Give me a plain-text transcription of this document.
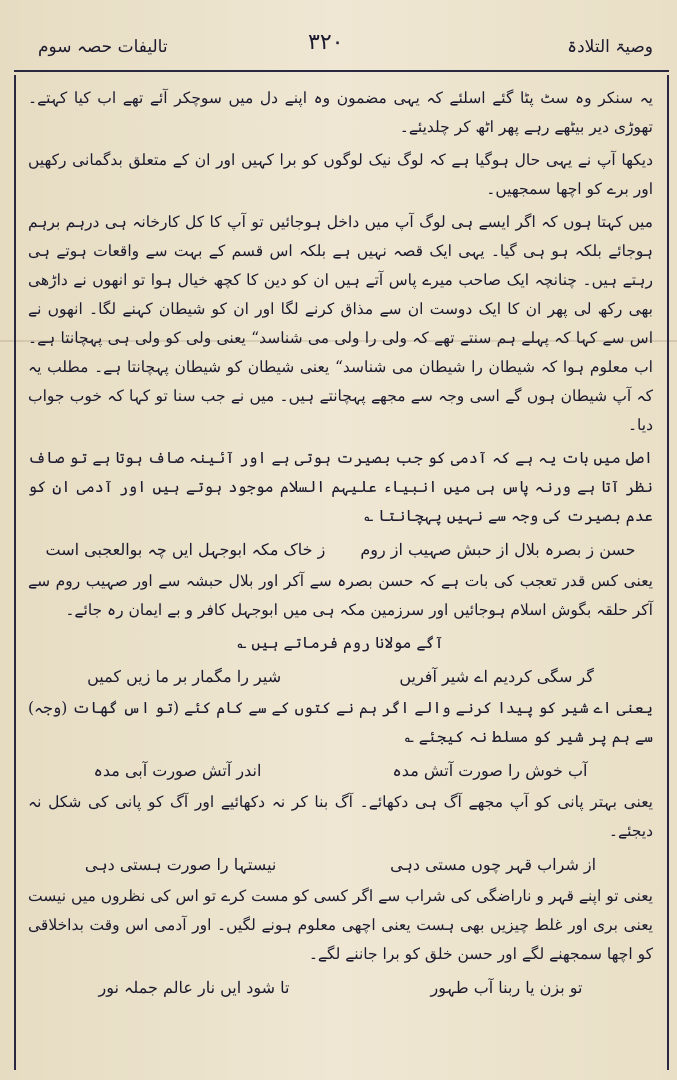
تالیفات حصہ سوم	۳۲۰	وصیۃ التلادۃ

یہ سنکر وہ سٹ پٹا گئے اسلئے کہ یہی مضمون وہ اپنے دل میں سوچکر آئے تھے اب کیا کہتے۔ تھوڑی دیر بیٹھے رہے پھر اٹھ کر چلدیئے۔

دیکھا آپ نے یہی حال ہوگیا ہے کہ لوگ نیک لوگوں کو برا کہیں اور ان کے متعلق بدگمانی رکھیں اور برے کو اچھا سمجھیں۔

میں کہتا ہوں کہ اگر ایسے ہی لوگ آپ میں داخل ہوجائیں تو آپ کا کل کارخانہ ہی درہم برہم ہوجائے بلکہ ہو ہی گیا۔ یہی ایک قصہ نہیں ہے بلکہ اس قسم کے بہت سے واقعات ہوتے ہی رہتے ہیں۔ چنانچہ ایک صاحب میرے پاس آتے ہیں ان کو دین کا کچھ خیال ہوا تو انھوں نے داڑھی بھی رکھ لی پھر ان کا ایک دوست ان سے مذاق کرنے لگا اور ان کو شیطان کہنے لگا۔ انھوں نے اس سے کہا کہ پہلے ہم سنتے تھے کہ ولی را ولی می شناسد“ یعنی ولی کو ولی ہی پہچانتا ہے۔ اب معلوم ہوا کہ شیطان را شیطان می شناسد“ یعنی شیطان کو شیطان پہچانتا ہے۔ مطلب یہ کہ آپ شیطان ہوں گے اسی وجہ سے مجھے پہچانتے ہیں۔ میں نے جب سنا تو کہا کہ خوب جواب دیا۔

اصل میں بات یہ ہے کہ آدمی کو جب بصیرت ہوتی ہے اور آئینہ صاف ہوتا ہے تو صاف نظر آتا ہے ورنہ پاس ہی میں انبیاء علیہم السلام موجود ہوتے ہیں اور آدمی ان کو عدم بصیرت کی وجہ سے نہیں پہچانتا ؎

حسن ز بصرہ بلال از حبش صہیب از روم
ز خاک مکہ ابوجہل ایں چہ بوالعجبی است

یعنی کس قدر تعجب کی بات ہے کہ حسن بصرہ سے آکر اور بلال حبشہ سے اور صہیب روم سے آکر حلقہ بگوش اسلام ہوجائیں اور سرزمین مکہ ہی میں ابوجہل کافر و بے ایمان رہ جائے۔

آگے مولانا روم فرماتے ہیں ؎

گر سگی کردیم اے شیر آفریں
شیر را مگمار بر ما زیں کمیں

یعنی اے شیر کو پیدا کرنے والے اگر ہم نے کتوں کے سے کام کئے (تو اس گھات (وجہ) سے ہم پر شیر کو مسلط نہ کیجئے ؎

آب خوش را صورت آتش مدہ
اندر آتش صورت آبی مدہ

یعنی بہتر پانی کو آپ مجھے آگ ہی دکھائے۔ آگ بنا کر نہ دکھائیے اور آگ کو پانی کی شکل نہ دیجئے۔

از شراب قہر چوں مستی دہی
نیستہا را صورت ہستی دہی

یعنی تو اپنے قہر و ناراضگی کی شراب سے اگر کسی کو مست کرے تو اس کی نظروں میں نیست یعنی بری اور غلط چیزیں بھی ہست یعنی اچھی معلوم ہونے لگیں۔ اور آدمی اس وقت بداخلاقی کو اچھا سمجھنے لگے اور حسن خلق کو برا جاننے لگے۔

تو بزن یا ربنا آب طہور
تا شود ایں نار عالم جملہ نور
